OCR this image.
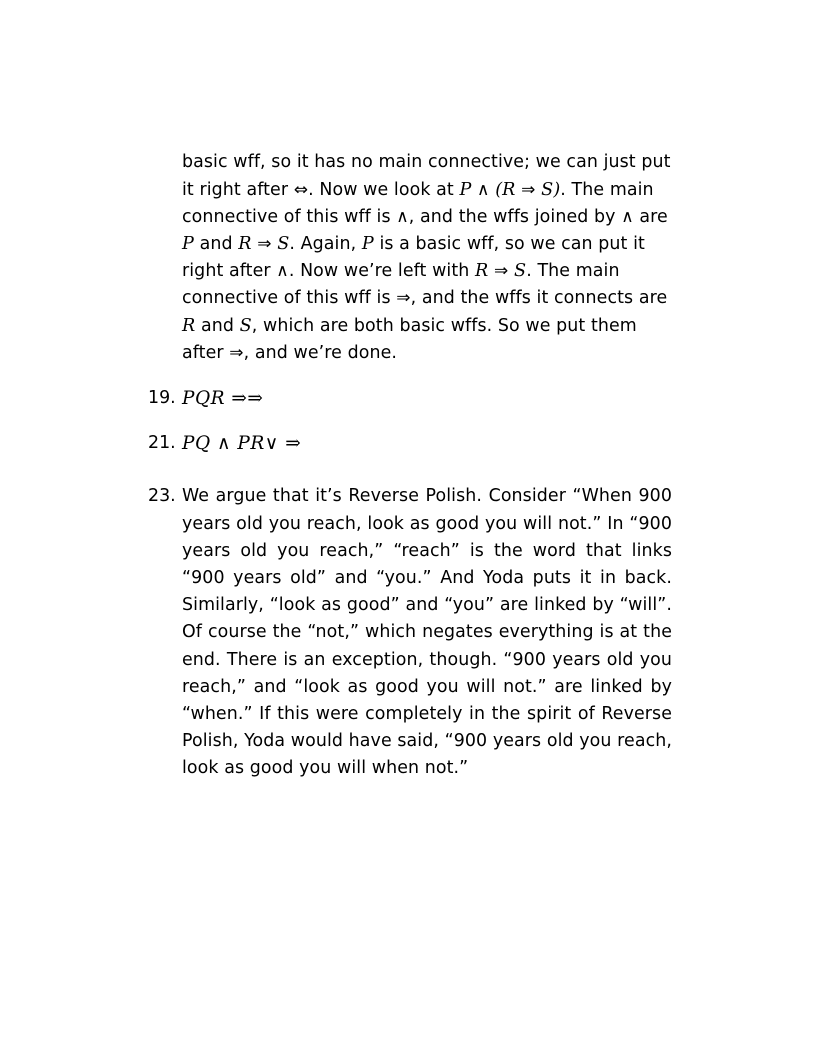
basic wff, so it has no main connective; we can just put it right after ⇔. Now we look at P ∧ (R ⇒ S). The main connective of this wff is ∧, and the wffs joined by ∧ are P and R ⇒ S. Again, P is a basic wff, so we can put it right after ∧. Now we’re left with R ⇒ S. The main connective of this wff is ⇒, and the wffs it connects are R and S, which are both basic wffs. So we put them after ⇒, and we’re done.

19. PQR ⇒⇒
21. PQ ∧ PR∨ ⇒
23. We argue that it’s Reverse Polish. Consider “When 900 years old you reach, look as good you will not.” In “900 years old you reach,” “reach” is the word that links “900 years old” and “you.” And Yoda puts it in back. Similarly, “look as good” and “you” are linked by “will”. Of course the “not,” which negates everything is at the end. There is an exception, though. “900 years old you reach,” and “look as good you will not.” are linked by “when.” If this were completely in the spirit of Reverse Polish, Yoda would have said, “900 years old you reach, look as good you will when not.”
